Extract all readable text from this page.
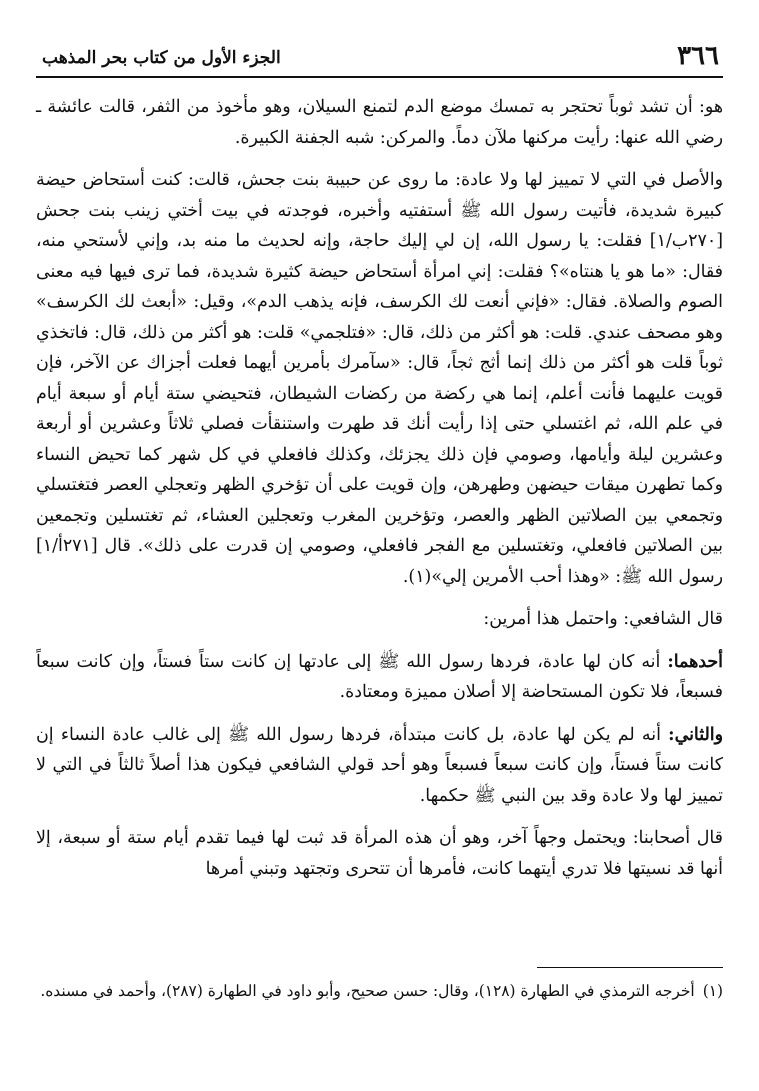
٣٦٦
الجزء الأول من كتاب بحر المذهب

هو: أن تشد ثوباً تحتجر به تمسك موضع الدم لتمنع السيلان، وهو مأخوذ من الثفر، قالت عائشة ـ رضي الله عنها: رأيت مركنها ملآن دماً. والمركن: شبه الجفنة الكبيرة.

والأصل في التي لا تمييز لها ولا عادة: ما روى عن حبيبة بنت جحش، قالت: كنت أستحاض حيضة كبيرة شديدة، فأتيت رسول الله ﷺ أستفتيه وأخبره، فوجدته في بيت أختي زينب بنت جحش [٢٧٠ب/١] فقلت: يا رسول الله، إن لي إليك حاجة، وإنه لحديث ما منه بد، وإني لأستحي منه، فقال: «ما هو يا هنتاه»؟ فقلت: إني امرأة أستحاض حيضة كثيرة شديدة، فما ترى فيها فيه معنى الصوم والصلاة. فقال: «فإني أنعت لك الكرسف، فإنه يذهب الدم»، وقيل: «أبعث لك الكرسف» وهو مصحف عندي. قلت: هو أكثر من ذلك، قال: «فتلجمي» قلت: هو أكثر من ذلك، قال: فاتخذي ثوباً قلت هو أكثر من ذلك إنما أثج ثجاً، قال: «سآمرك بأمرين أيهما فعلت أجزاك عن الآخر، فإن قويت عليهما فأنت أعلم، إنما هي ركضة من ركضات الشيطان، فتحيضي ستة أيام أو سبعة أيام في علم الله، ثم اغتسلي حتى إذا رأيت أنك قد طهرت واستنقأت فصلي ثلاثاً وعشرين أو أربعة وعشرين ليلة وأيامها، وصومي فإن ذلك يجزئك، وكذلك فافعلي في كل شهر كما تحيض النساء وكما تطهرن ميقات حيضهن وطهرهن، وإن قويت على أن تؤخري الظهر وتعجلي العصر فتغتسلي وتجمعي بين الصلاتين الظهر والعصر، وتؤخرين المغرب وتعجلين العشاء، ثم تغتسلين وتجمعين بين الصلاتين فافعلي، وتغتسلين مع الفجر فافعلي، وصومي إن قدرت على ذلك». قال [٢٧١أ/١] رسول الله ﷺ: «وهذا أحب الأمرين إلي»(١).

قال الشافعي: واحتمل هذا أمرين:

أحدهما: أنه كان لها عادة، فردها رسول الله ﷺ إلى عادتها إن كانت ستاً فستاً، وإن كانت سبعاً فسبعاً، فلا تكون المستحاضة إلا أصلان مميزة ومعتادة.

والثاني: أنه لم يكن لها عادة، بل كانت مبتدأة، فردها رسول الله ﷺ إلى غالب عادة النساء إن كانت ستاً فستاً، وإن كانت سبعاً فسبعاً وهو أحد قولي الشافعي فيكون هذا أصلاً ثالثاً في التي لا تمييز لها ولا عادة وقد بين النبي ﷺ حكمها.

قال أصحابنا: ويحتمل وجهاً آخر، وهو أن هذه المرأة قد ثبت لها فيما تقدم أيام ستة أو سبعة، إلا أنها قد نسيتها فلا تدري أيتهما كانت، فأمرها أن تتحرى وتجتهد وتبني أمرها

(١)أخرجه الترمذي في الطهارة (١٢٨)، وقال: حسن صحيح، وأبو داود في الطهارة (٢٨٧)، وأحمد في مسنده.
